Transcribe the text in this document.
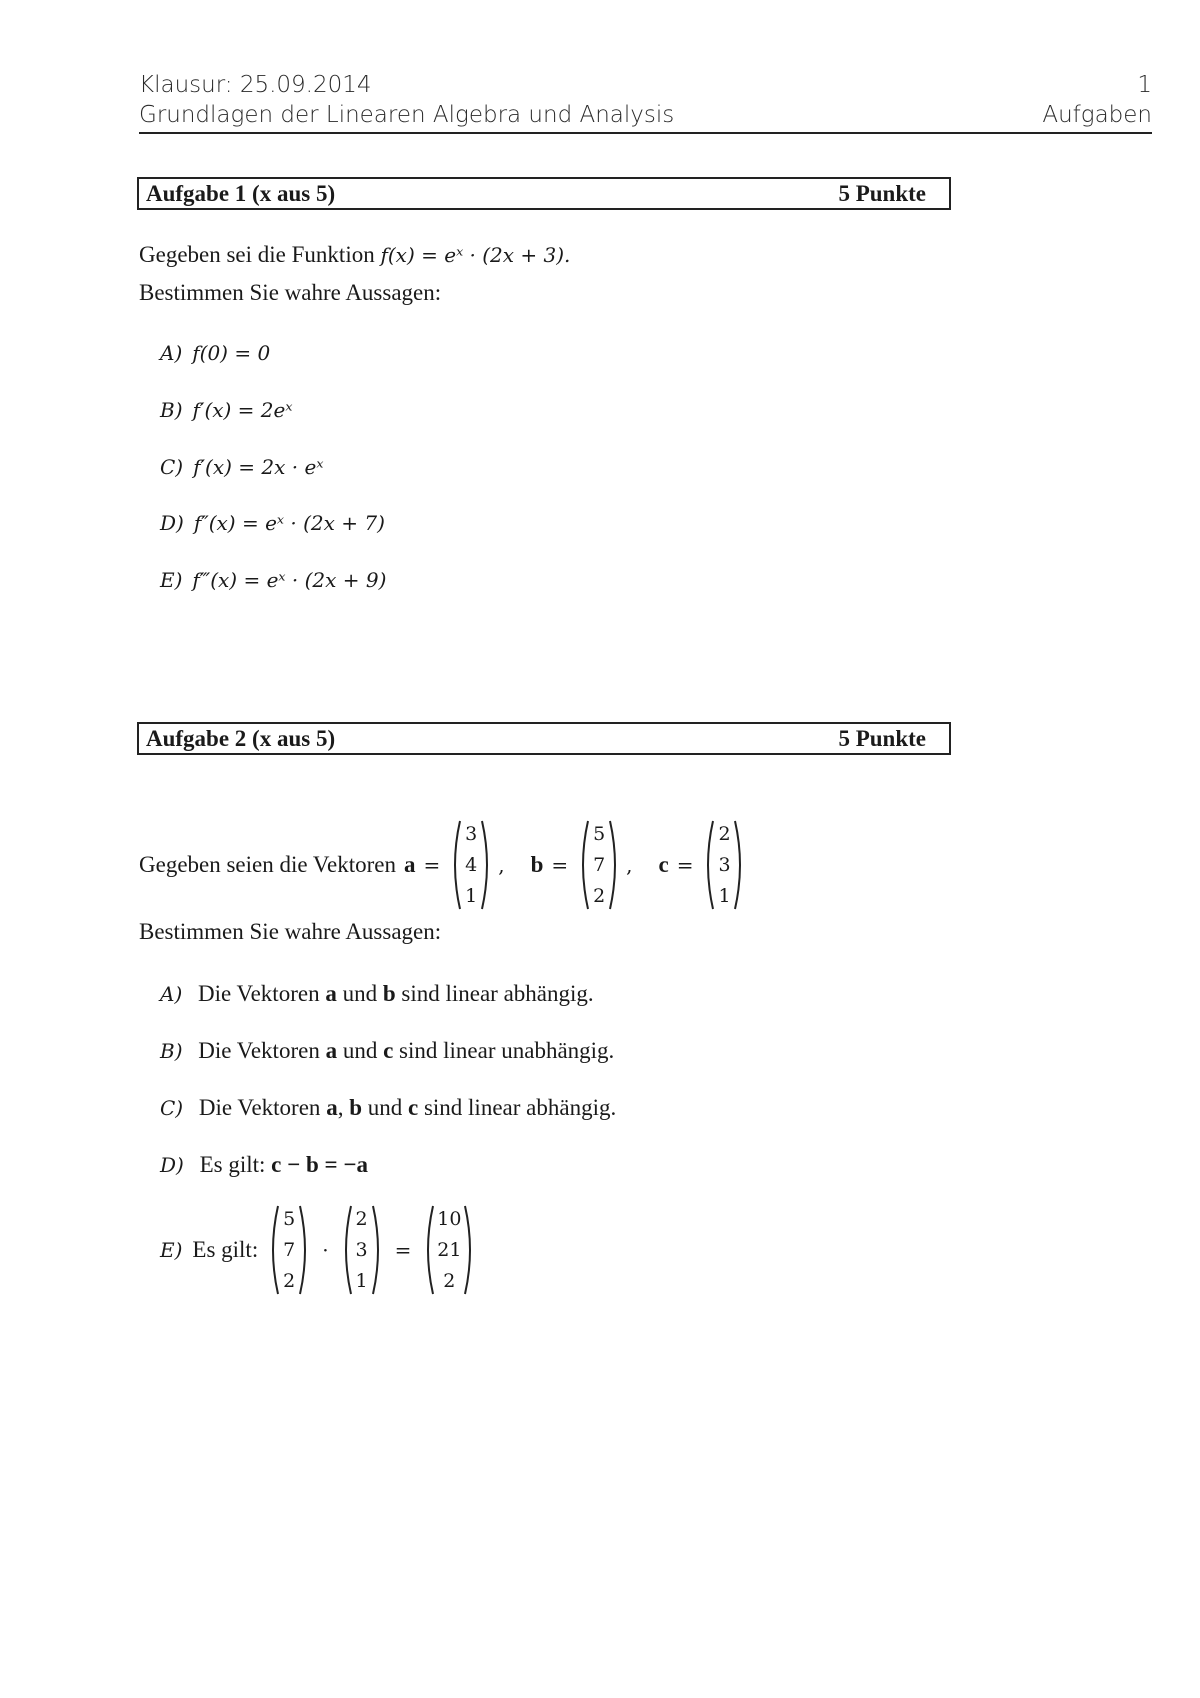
Klausur: 25.09.2014	1
Grundlagen der Linearen Algebra und Analysis	Aufgaben
Aufgabe 1 (x aus 5)	5 Punkte
Gegeben sei die Funktion f(x) = eˣ · (2x + 3).
Bestimmen Sie wahre Aussagen:
A) f(0) = 0
B) f′(x) = 2eˣ
C) f′(x) = 2x · eˣ
D) f″(x) = eˣ · (2x + 7)
E) f‴(x) = eˣ · (2x + 9)
Aufgabe 2 (x aus 5)	5 Punkte
Gegeben seien die Vektoren a =
3
4
1
, b =
5
7
2
, c =
2
3
1
Bestimmen Sie wahre Aussagen:
A) Die Vektoren a und b sind linear abhängig.
B) Die Vektoren a und c sind linear unabhängig.
C) Die Vektoren a, b und c sind linear abhängig.
D) Es gilt: c − b = −a
E) Es gilt:
5
7
2
·
2
3
1
=
10
21
2
